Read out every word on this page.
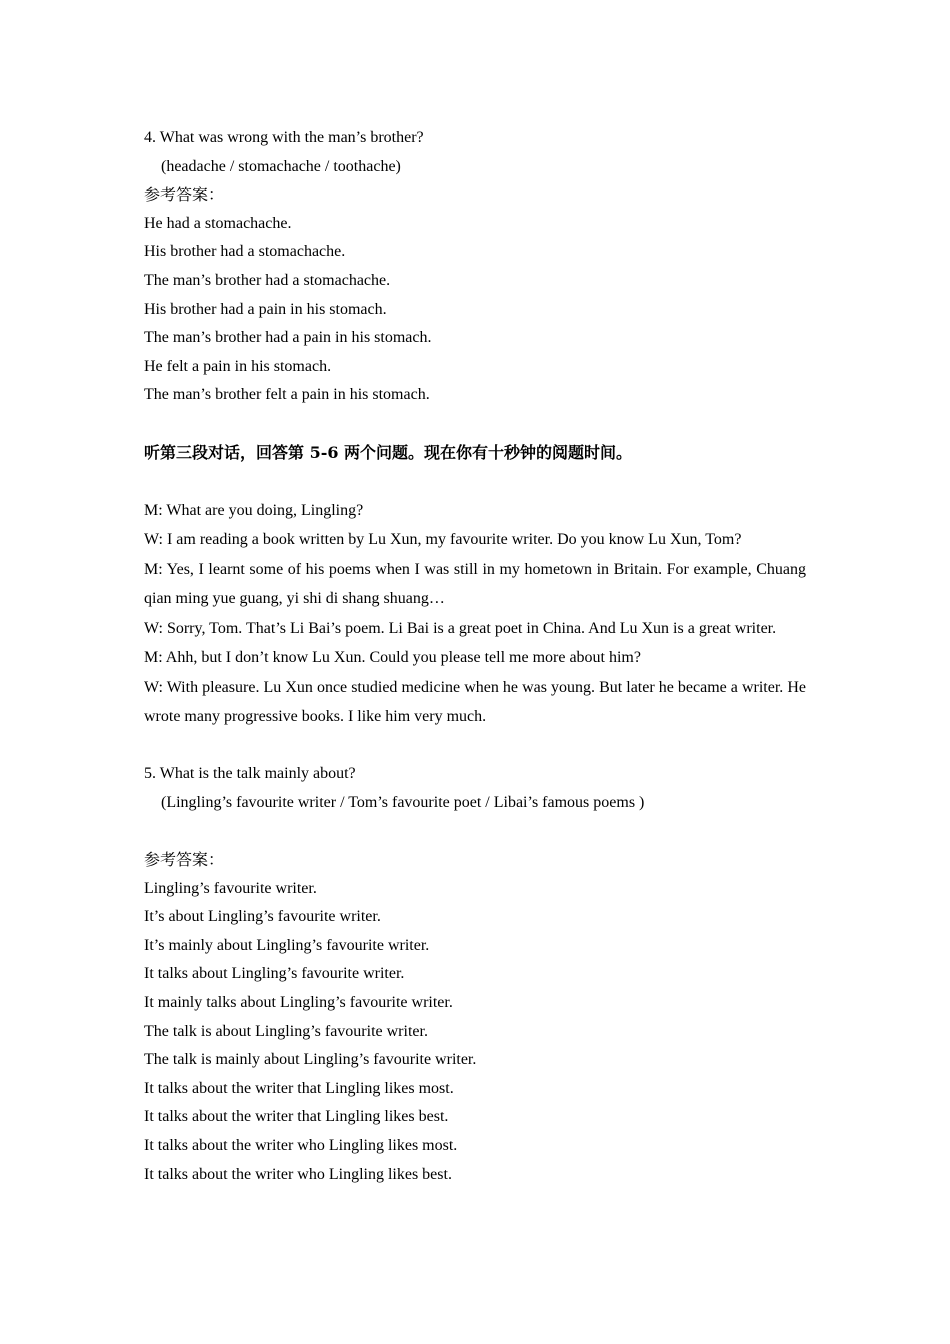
4. What was wrong with the man’s brother?
(headache / stomachache / toothache)
参考答案：
He had a stomachache.
His brother had a stomachache.
The man’s brother had a stomachache.
His brother had a pain in his stomach.
The man’s brother had a pain in his stomach.
He felt a pain in his stomach.
The man’s brother felt a pain in his stomach.
听第三段对话，回答第 5-6 两个问题。现在你有十秒钟的阅题时间。

M: What are you doing, Lingling?

W: I am reading a book written by Lu Xun, my favourite writer. Do you know Lu Xun, Tom?

M: Yes, I learnt some of his poems when I was still in my hometown in Britain. For example, Chuang qian ming yue guang, yi shi di shang shuang…

W: Sorry, Tom. That’s Li Bai’s poem. Li Bai is a great poet in China. And Lu Xun is a great writer.

M: Ahh, but I don’t know Lu Xun. Could you please tell me more about him?

W: With pleasure. Lu Xun once studied medicine when he was young. But later he became a writer. He wrote many progressive books. I like him very much.

5. What is the talk mainly about?
(Lingling’s favourite writer / Tom’s favourite poet / Libai’s famous poems )
参考答案：
Lingling’s favourite writer.
It’s about Lingling’s favourite writer.
It’s mainly about Lingling’s favourite writer.
It talks about Lingling’s favourite writer.
It mainly talks about Lingling’s favourite writer.
The talk is about Lingling’s favourite writer.
The talk is mainly about Lingling’s favourite writer.
It talks about the writer that Lingling likes most.
It talks about the writer that Lingling likes best.
It talks about the writer who Lingling likes most.
It talks about the writer who Lingling likes best.
